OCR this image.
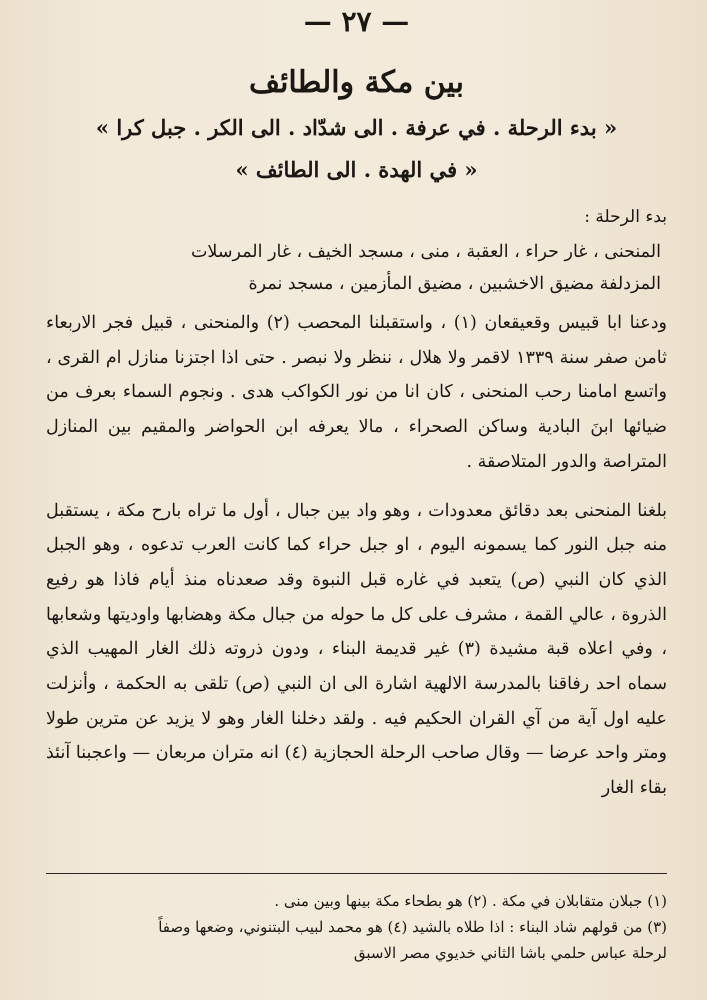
— ٢٧ —

بين مكة والطائف

« بدء الرحلة . في عرفة . الى شدّاد . الى الكر . جبل كرا »

« في الهدة . الى الطائف »

بدء الرحلة :

المنحنى ، غار حراء ، العقبة ، منى ، مسجد الخيف ، غار المرسلات

المزدلفة مضيق الاخشبين ، مضيق المأزمين ، مسجد نمرة

ودعنا ابا قبيس وقعيقعان (١) ، واستقبلنا المحصب (٢) والمنحنى ، قبيل فجر الاربعاء ثامن صفر سنة ١٣٣٩ لاقمر ولا هلال ، ننظر ولا نبصر . حتى اذا اجتزنا منازل ام القرى ، واتسع امامنا رحب المنحنى ، كان انا من نور الكواكب هدى . ونجوم السماء بعرف من ضيائها ابنَ البادية وساكن الصحراء ، مالا يعرفه ابن الحواضر والمقيم بين المنازل المتراصة والدور المتلاصقة .

بلغنا المنحنى بعد دقائق معدودات ، وهو واد بين جبال ، أول ما تراه بارح مكة ، يستقبل منه جبل النور كما يسمونه اليوم ، او جبل حراء كما كانت العرب تدعوه ، وهو الجبل الذي كان النبي (ص) يتعبد في غاره قبل النبوة وقد صعدناه منذ أيام فاذا هو رفيع الذروة ، عالي القمة ، مشرف على كل ما حوله من جبال مكة وهضابها واوديتها وشعابها ، وفي اعلاه قبة مشيدة (٣) غير قديمة البناء ، ودون ذروته ذلك الغار المهيب الذي سماه احد رفاقنا بالمدرسة الالهية اشارة الى ان النبي (ص) تلقى به الحكمة ، وأنزلت عليه اول آية من آي القران الحكيم فيه . ولقد دخلنا الغار وهو لا يزيد عن مترين طولا ومتر واحد عرضا — وقال صاحب الرحلة الحجازية (٤) انه متران مربعان — واعجبنا آنئذ بقاء الغار

(١) جبلان متقابلان في مكة . (٢) هو بطحاء مكة بينها وبين منى .

(٣) من قولهم شاد البناء : اذا طلاه بالشيد (٤) هو محمد لبيب البتنوني، وضعها وصفاً

لرحلة عباس حلمي باشا الثاني خديوي مصر الاسبق
